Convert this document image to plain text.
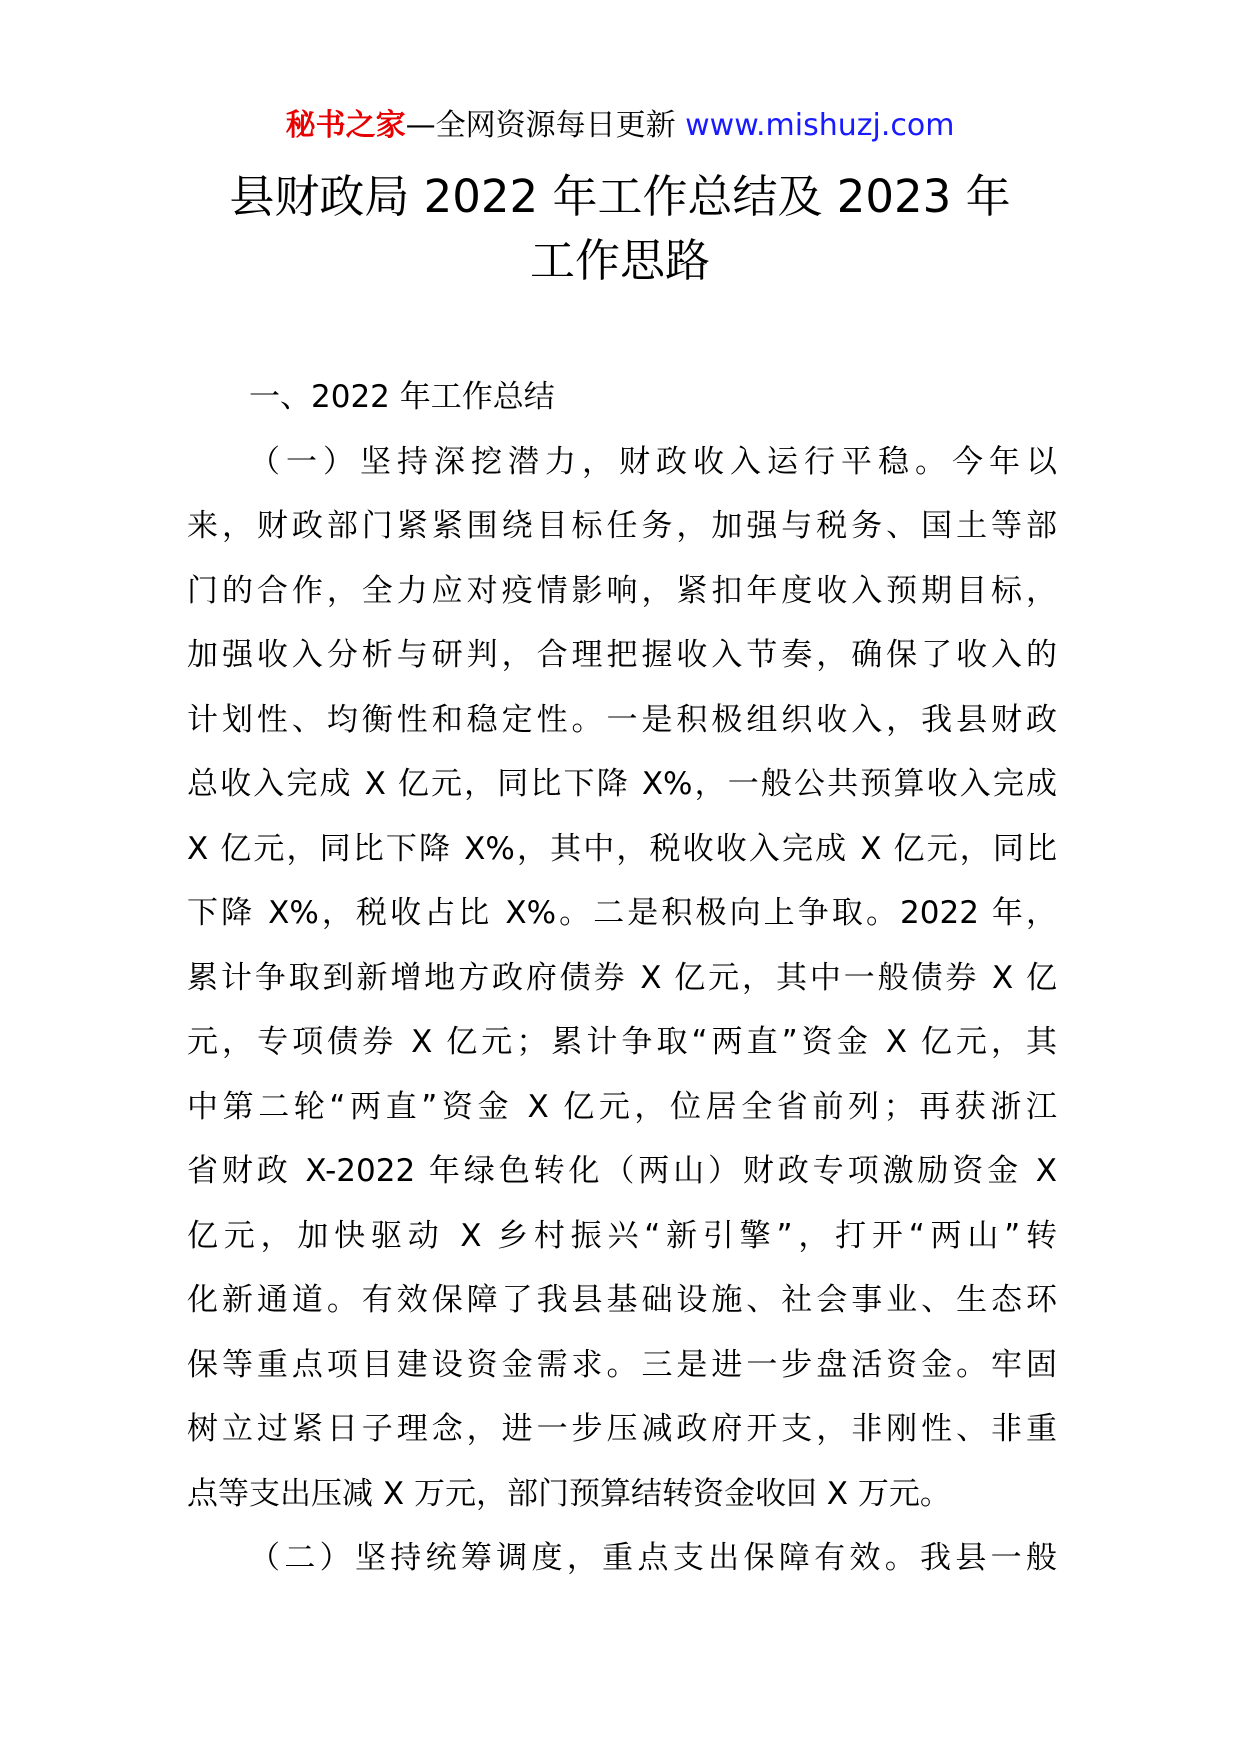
秘书之家—全网资源每日更新 www.mishuzj.com
县财政局 2022 年工作总结及 2023 年
工作思路
一、2022 年工作总结
（一）坚持深挖潜力，财政收入运行平稳。今年以
来，财政部门紧紧围绕目标任务，加强与税务、国土等部
门的合作，全力应对疫情影响，紧扣年度收入预期目标，
加强收入分析与研判，合理把握收入节奏，确保了收入的
计划性、均衡性和稳定性。一是积极组织收入，我县财政
总收入完成 X 亿元，同比下降 X%，一般公共预算收入完成
X 亿元，同比下降 X%，其中，税收收入完成 X 亿元，同比
下降 X%，税收占比 X%。二是积极向上争取。2022 年，
累计争取到新增地方政府债券 X 亿元，其中一般债券 X 亿
元，专项债券 X 亿元；累计争取“两直”资金 X 亿元，其
中第二轮“两直”资金 X 亿元，位居全省前列；再获浙江
省财政 X-2022 年绿色转化（两山）财政专项激励资金 X
亿元，加快驱动 X 乡村振兴“新引擎”，打开“两山”转
化新通道。有效保障了我县基础设施、社会事业、生态环
保等重点项目建设资金需求。三是进一步盘活资金。牢固
树立过紧日子理念，进一步压减政府开支，非刚性、非重
点等支出压减 X 万元，部门预算结转资金收回 X 万元。
（二）坚持统筹调度，重点支出保障有效。我县一般
